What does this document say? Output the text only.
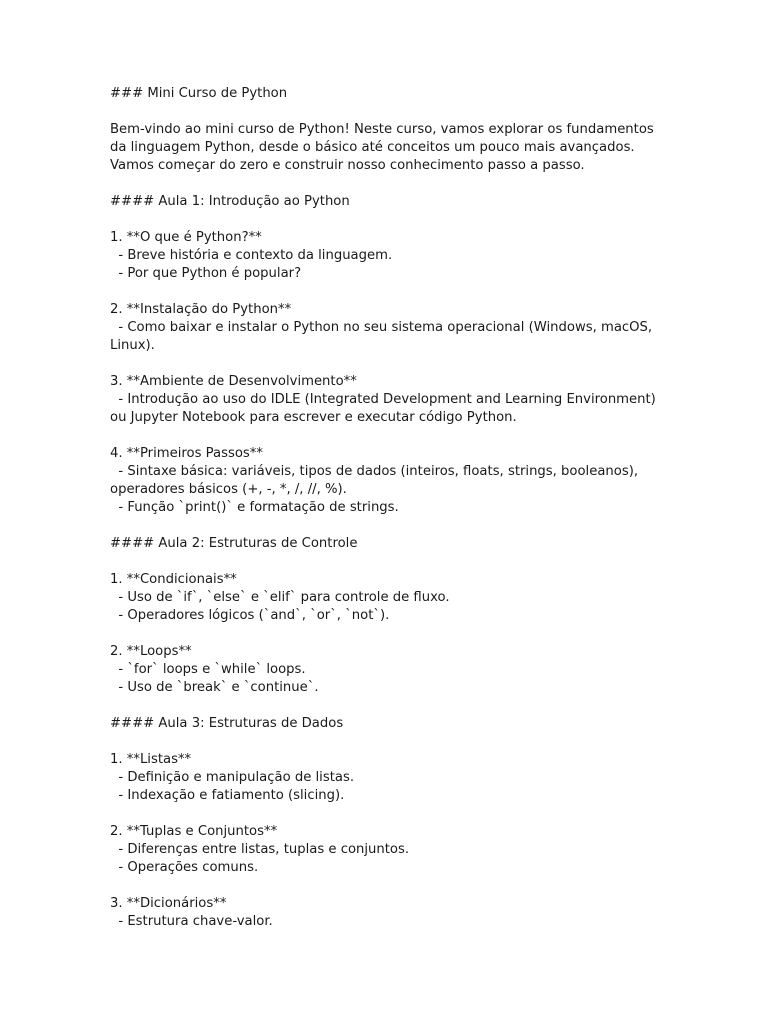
### Mini Curso de Python
Bem-vindo ao mini curso de Python! Neste curso, vamos explorar os fundamentos
da linguagem Python, desde o básico até conceitos um pouco mais avançados.
Vamos começar do zero e construir nosso conhecimento passo a passo.
#### Aula 1: Introdução ao Python
1. **O que é Python?**
- Breve história e contexto da linguagem.
- Por que Python é popular?
2. **Instalação do Python**
- Como baixar e instalar o Python no seu sistema operacional (Windows, macOS,
Linux).
3. **Ambiente de Desenvolvimento**
- Introdução ao uso do IDLE (Integrated Development and Learning Environment)
ou Jupyter Notebook para escrever e executar código Python.
4. **Primeiros Passos**
- Sintaxe básica: variáveis, tipos de dados (inteiros, floats, strings, booleanos),
operadores básicos (+, -, *, /, //, %).
- Função `print()` e formatação de strings.
#### Aula 2: Estruturas de Controle
1. **Condicionais**
- Uso de `if`, `else` e `elif` para controle de fluxo.
- Operadores lógicos (`and`, `or`, `not`).
2. **Loops**
- `for` loops e `while` loops.
- Uso de `break` e `continue`.
#### Aula 3: Estruturas de Dados
1. **Listas**
- Definição e manipulação de listas.
- Indexação e fatiamento (slicing).
2. **Tuplas e Conjuntos**
- Diferenças entre listas, tuplas e conjuntos.
- Operações comuns.
3. **Dicionários**
- Estrutura chave-valor.
